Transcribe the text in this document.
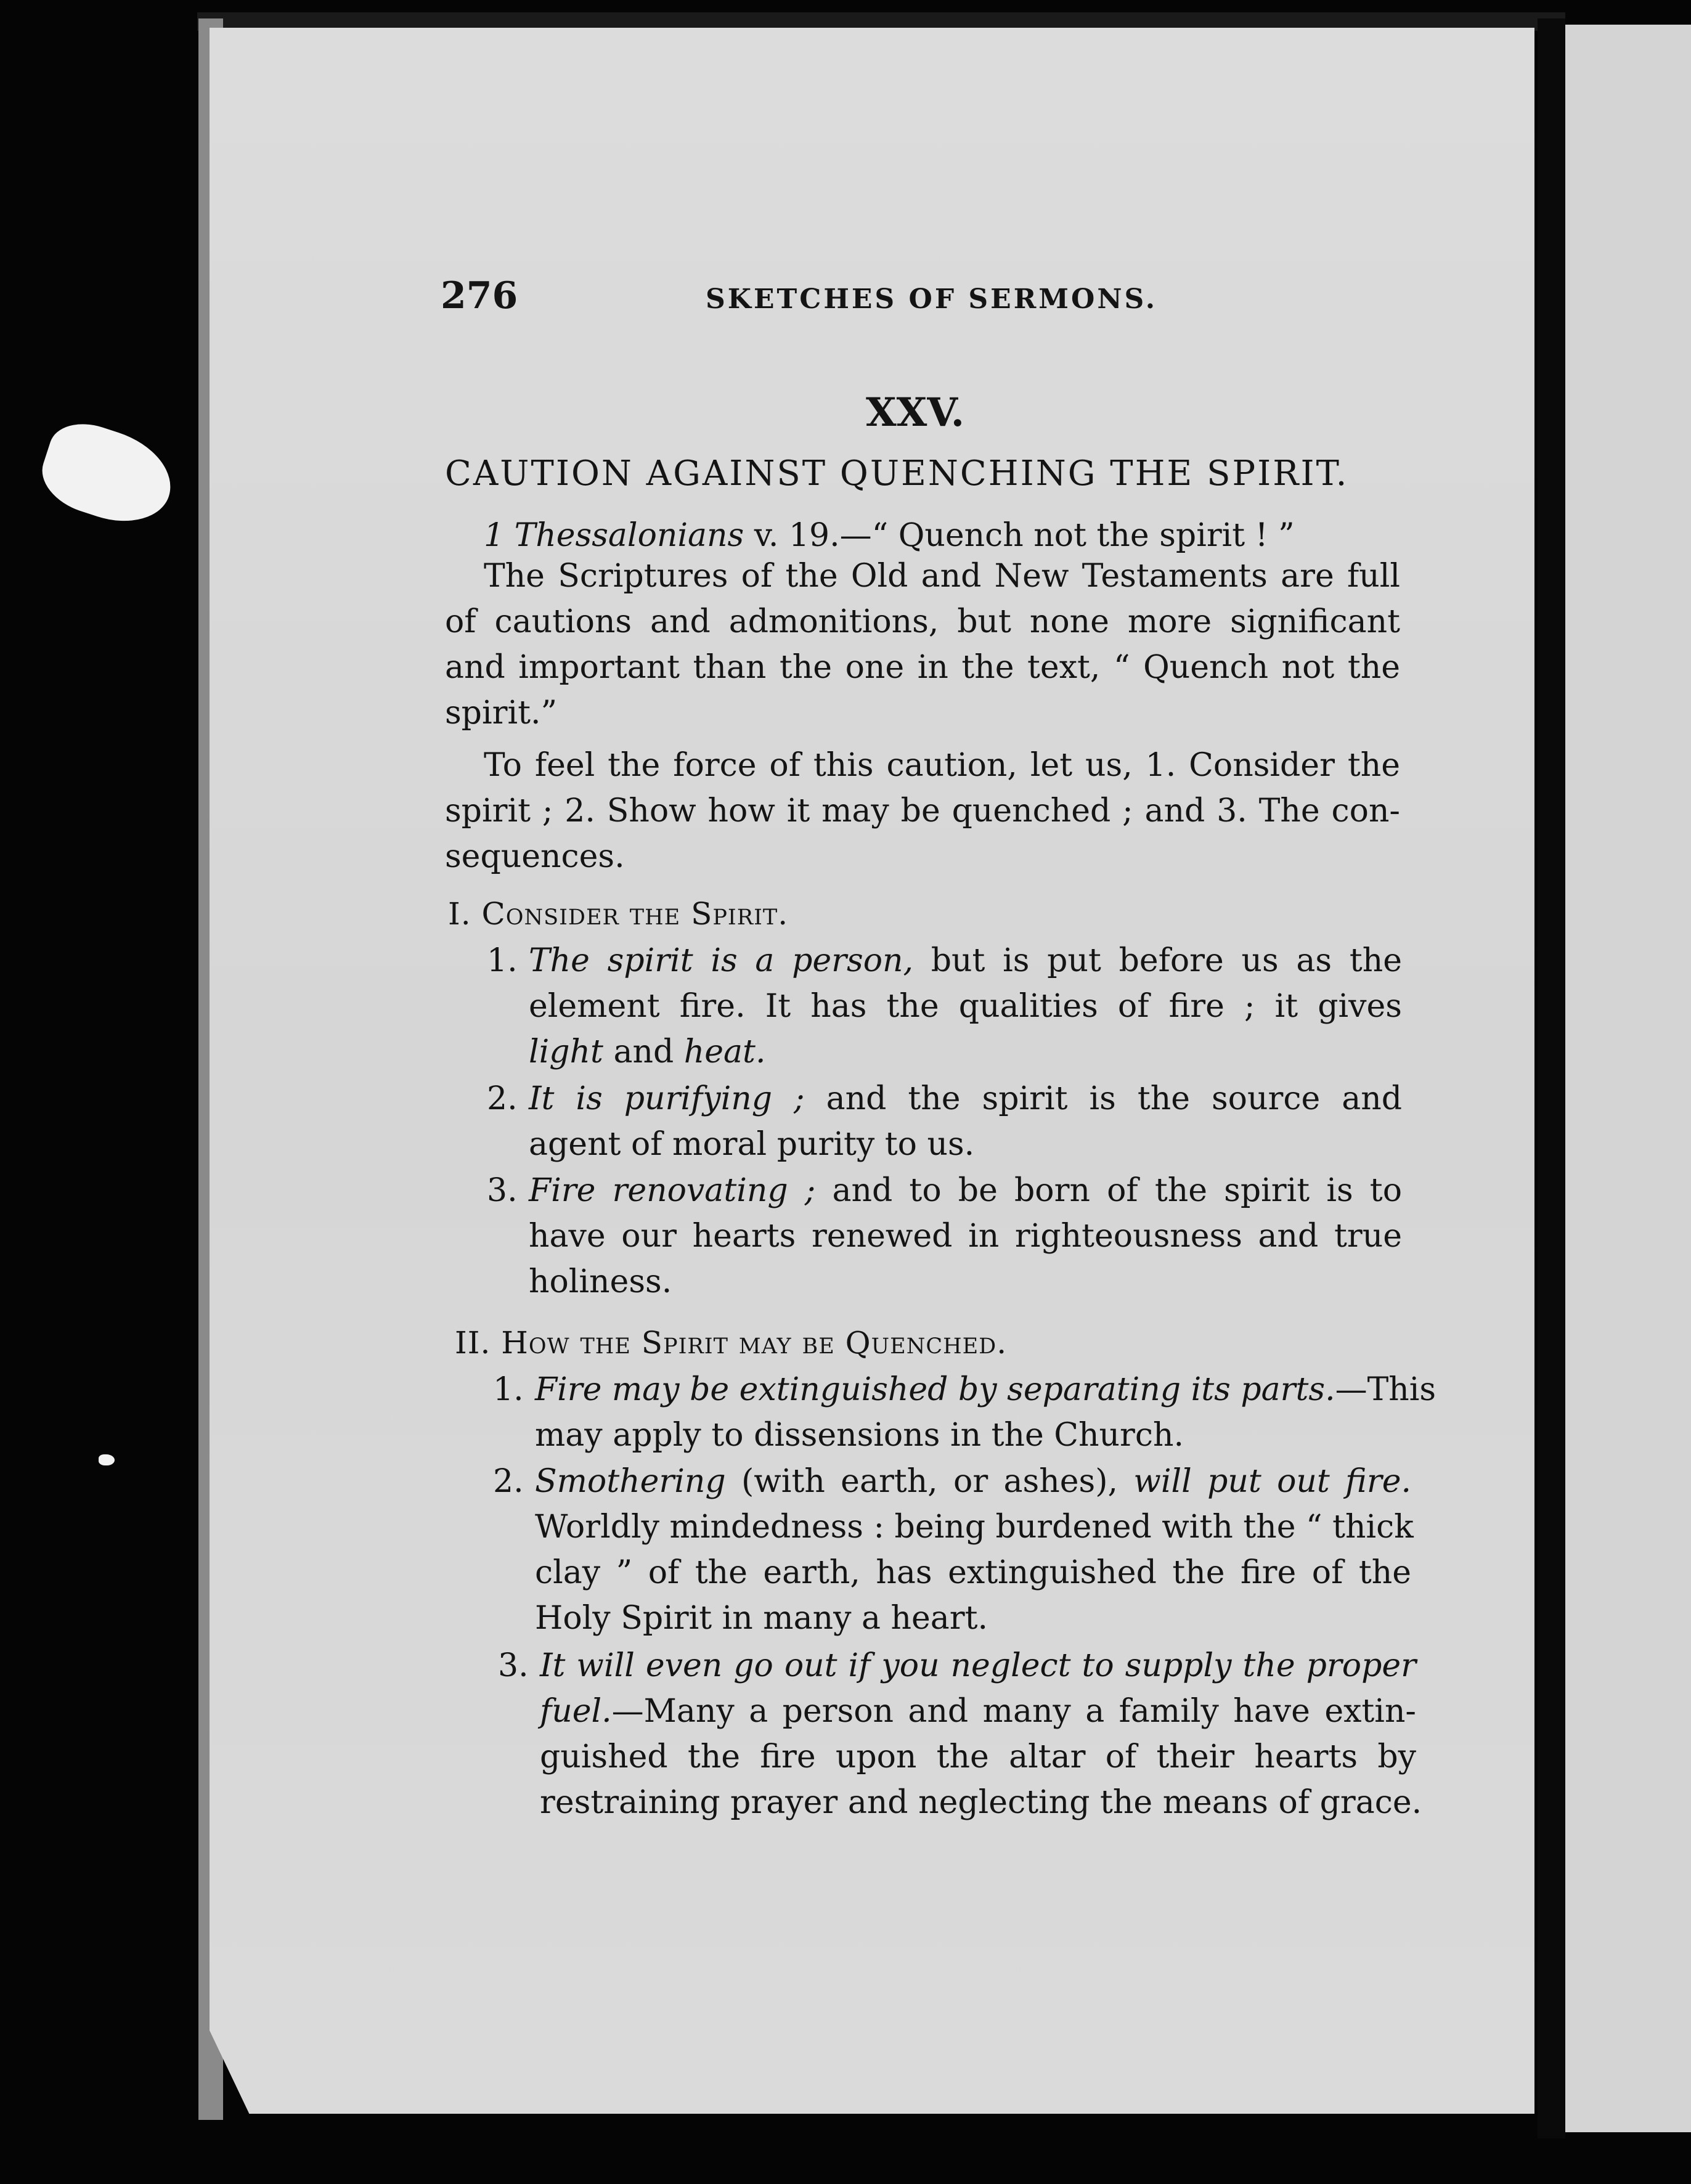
276	SKETCHES OF SERMONS.
XXV.
CAUTION AGAINST QUENCHING THE SPIRIT.
1 Thessalonians v. 19.—“ Quench not the spirit ! ”
The Scriptures of the Old and New Testaments are full
of cautions and admonitions, but none more significant
and important than the one in the text, “ Quench not the
spirit.”
To feel the force of this caution, let us, 1. Consider the
spirit ; 2. Show how it may be quenched ; and 3. The con-
sequences.
I. Consider the Spirit.
1. The spirit is a person, but is put before us as the
element fire. It has the qualities of fire ; it gives
light and heat.
2. It is purifying ; and the spirit is the source and
agent of moral purity to us.
3. Fire renovating ; and to be born of the spirit is to
have our hearts renewed in righteousness and true
holiness.
II. How the Spirit may be Quenched.
1. Fire may be extinguished by separating its parts.—This
may apply to dissensions in the Church.
2. Smothering (with earth, or ashes), will put out fire.
Worldly mindedness : being burdened with the “ thick
clay ” of the earth, has extinguished the fire of the
Holy Spirit in many a heart.
3. It will even go out if you neglect to supply the proper
fuel.—Many a person and many a family have extin-
guished the fire upon the altar of their hearts by
restraining prayer and neglecting the means of grace.
